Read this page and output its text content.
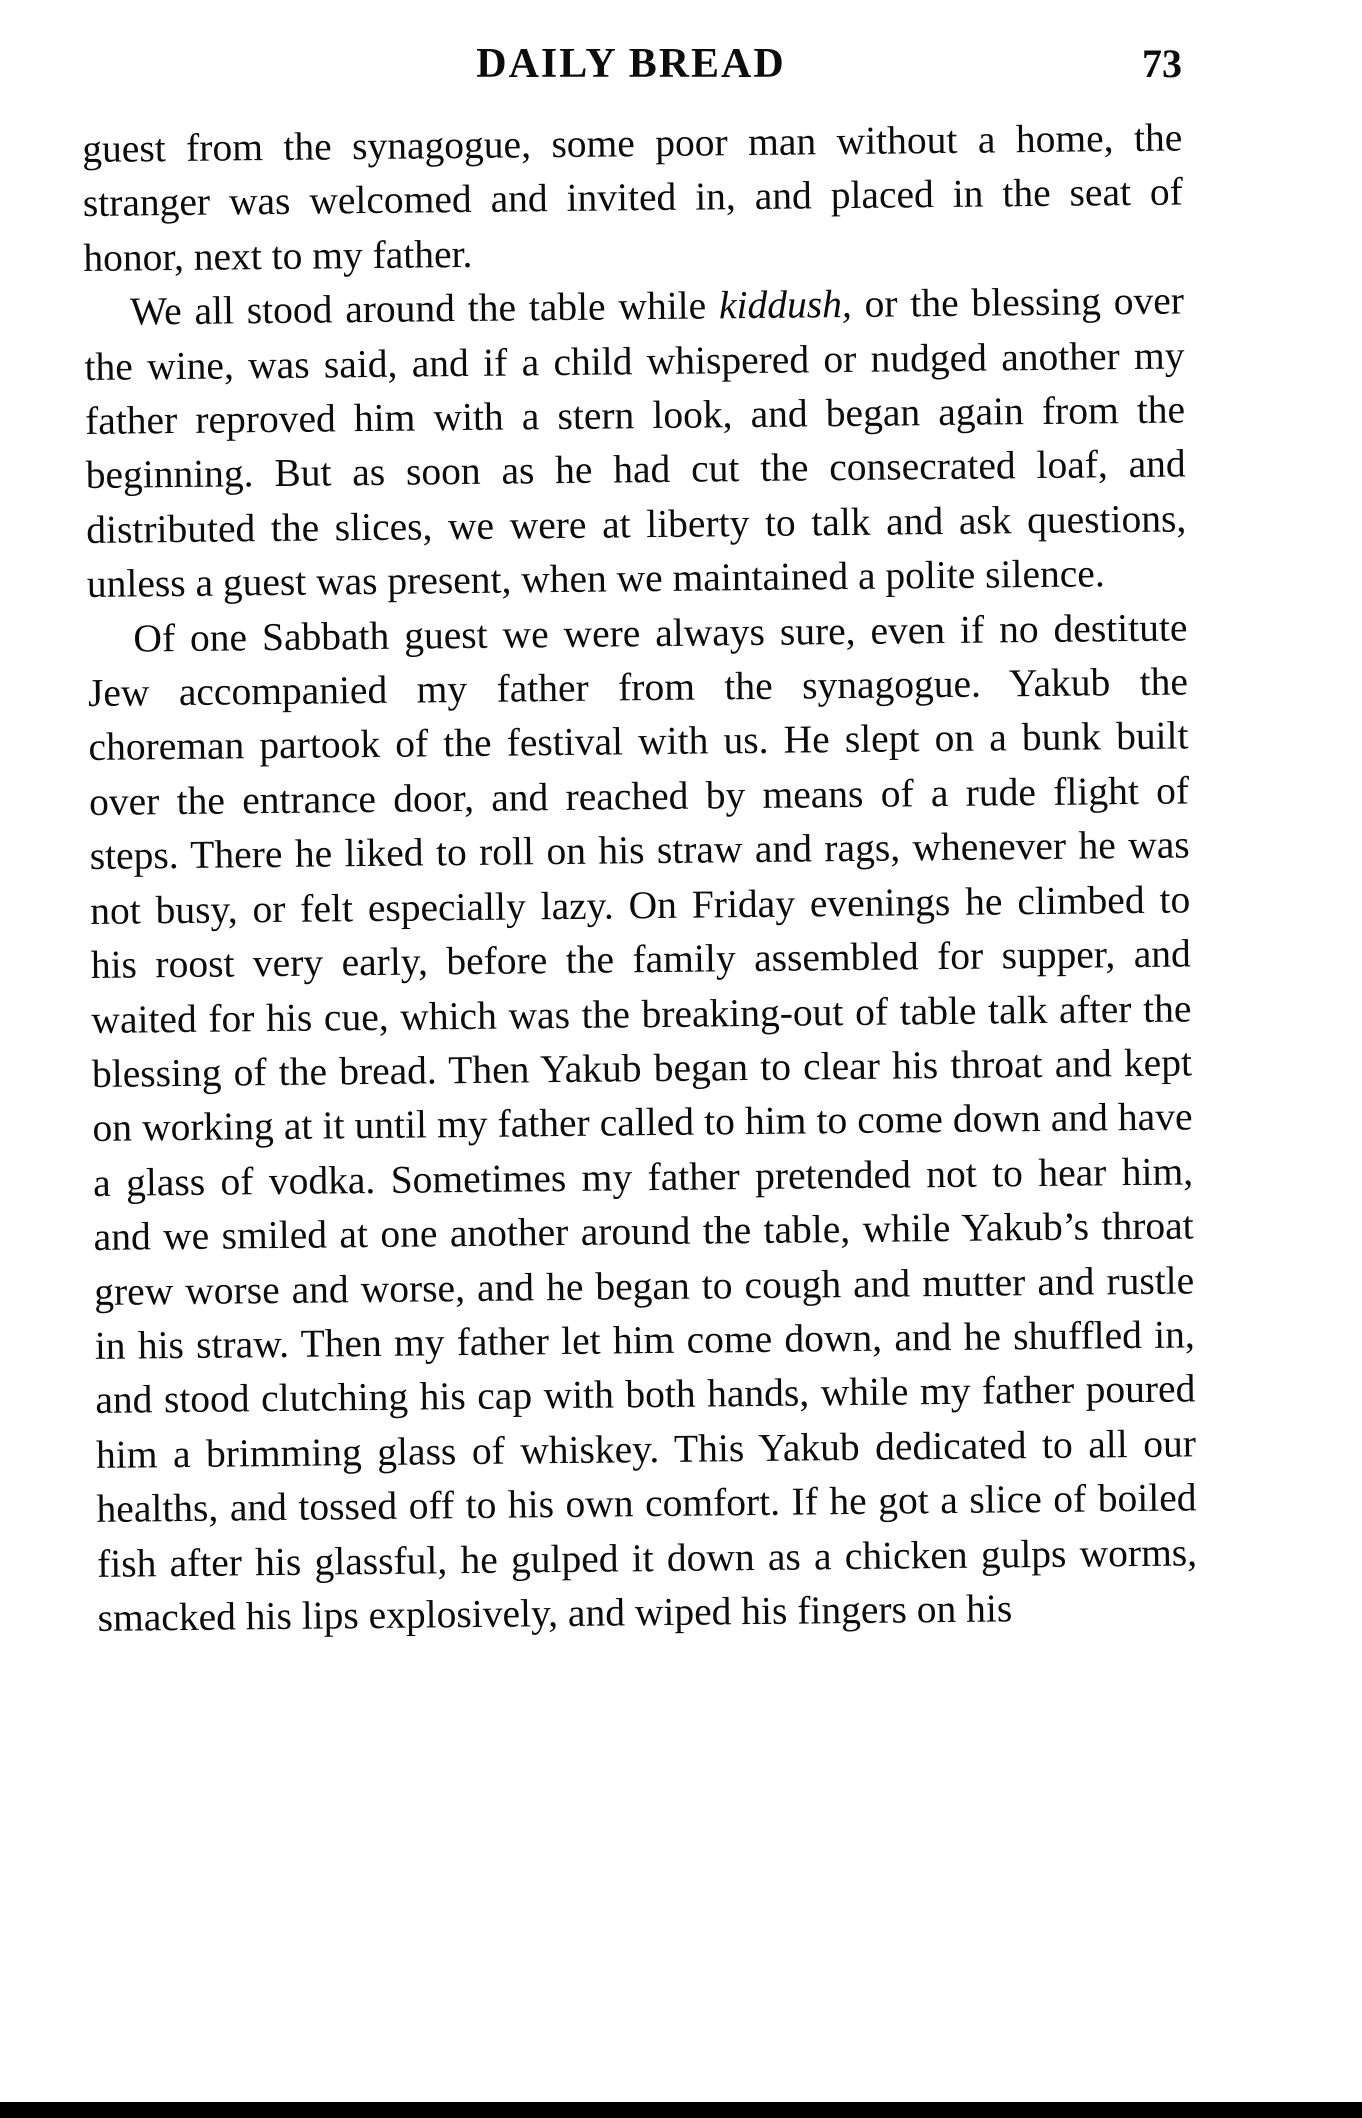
DAILY BREAD	73

guest from the synagogue, some poor man without a home, the stranger was welcomed and invited in, and placed in the seat of honor, next to my father.

We all stood around the table while kiddush, or the blessing over the wine, was said, and if a child whispered or nudged another my father reproved him with a stern look, and began again from the beginning. But as soon as he had cut the consecrated loaf, and distributed the slices, we were at liberty to talk and ask questions, unless a guest was present, when we maintained a polite silence.

Of one Sabbath guest we were always sure, even if no destitute Jew accompanied my father from the synagogue. Yakub the choreman partook of the festival with us. He slept on a bunk built over the entrance door, and reached by means of a rude flight of steps. There he liked to roll on his straw and rags, whenever he was not busy, or felt especially lazy. On Friday evenings he climbed to his roost very early, before the family assembled for supper, and waited for his cue, which was the breaking-out of table talk after the blessing of the bread. Then Yakub began to clear his throat and kept on working at it until my father called to him to come down and have a glass of vodka. Sometimes my father pretended not to hear him, and we smiled at one another around the table, while Yakub’s throat grew worse and worse, and he began to cough and mutter and rustle in his straw. Then my father let him come down, and he shuffled in, and stood clutching his cap with both hands, while my father poured him a brimming glass of whiskey. This Yakub dedicated to all our healths, and tossed off to his own comfort. If he got a slice of boiled fish after his glassful, he gulped it down as a chicken gulps worms, smacked his lips explosively, and wiped his fingers on his
